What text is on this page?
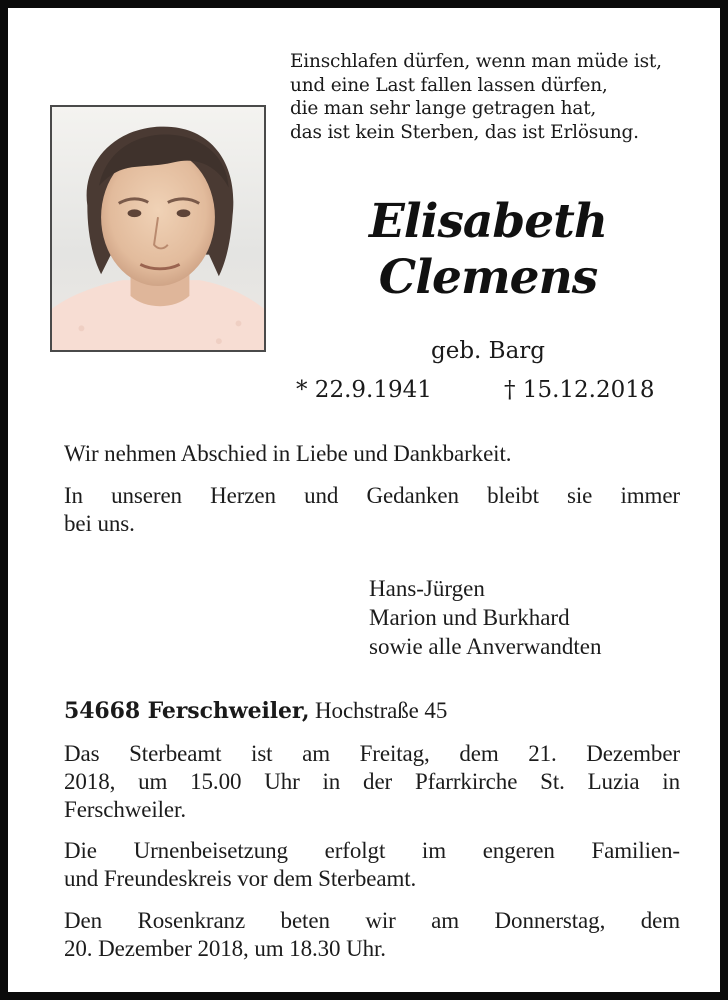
Einschlafen dürfen, wenn man müde ist,
und eine Last fallen lassen dürfen,
die man sehr lange getragen hat,
das ist kein Sterben, das ist Erlösung.
Elisabeth
Clemens
geb. Barg
* 22.9.1941	† 15.12.2018
Wir nehmen Abschied in Liebe und Dankbarkeit.
In unseren Herzen und Gedanken bleibt sie immer
bei uns.
Hans-Jürgen
Marion und Burkhard
sowie alle Anverwandten
54668 Ferschweiler, Hochstraße 45
Das Sterbeamt ist am Freitag, dem 21. Dezember
2018, um 15.00 Uhr in der Pfarrkirche St. Luzia in
Ferschweiler.
Die Urnenbeisetzung erfolgt im engeren Familien-
und Freundeskreis vor dem Sterbeamt.
Den Rosenkranz beten wir am Donnerstag, dem
20. Dezember 2018, um 18.30 Uhr.
